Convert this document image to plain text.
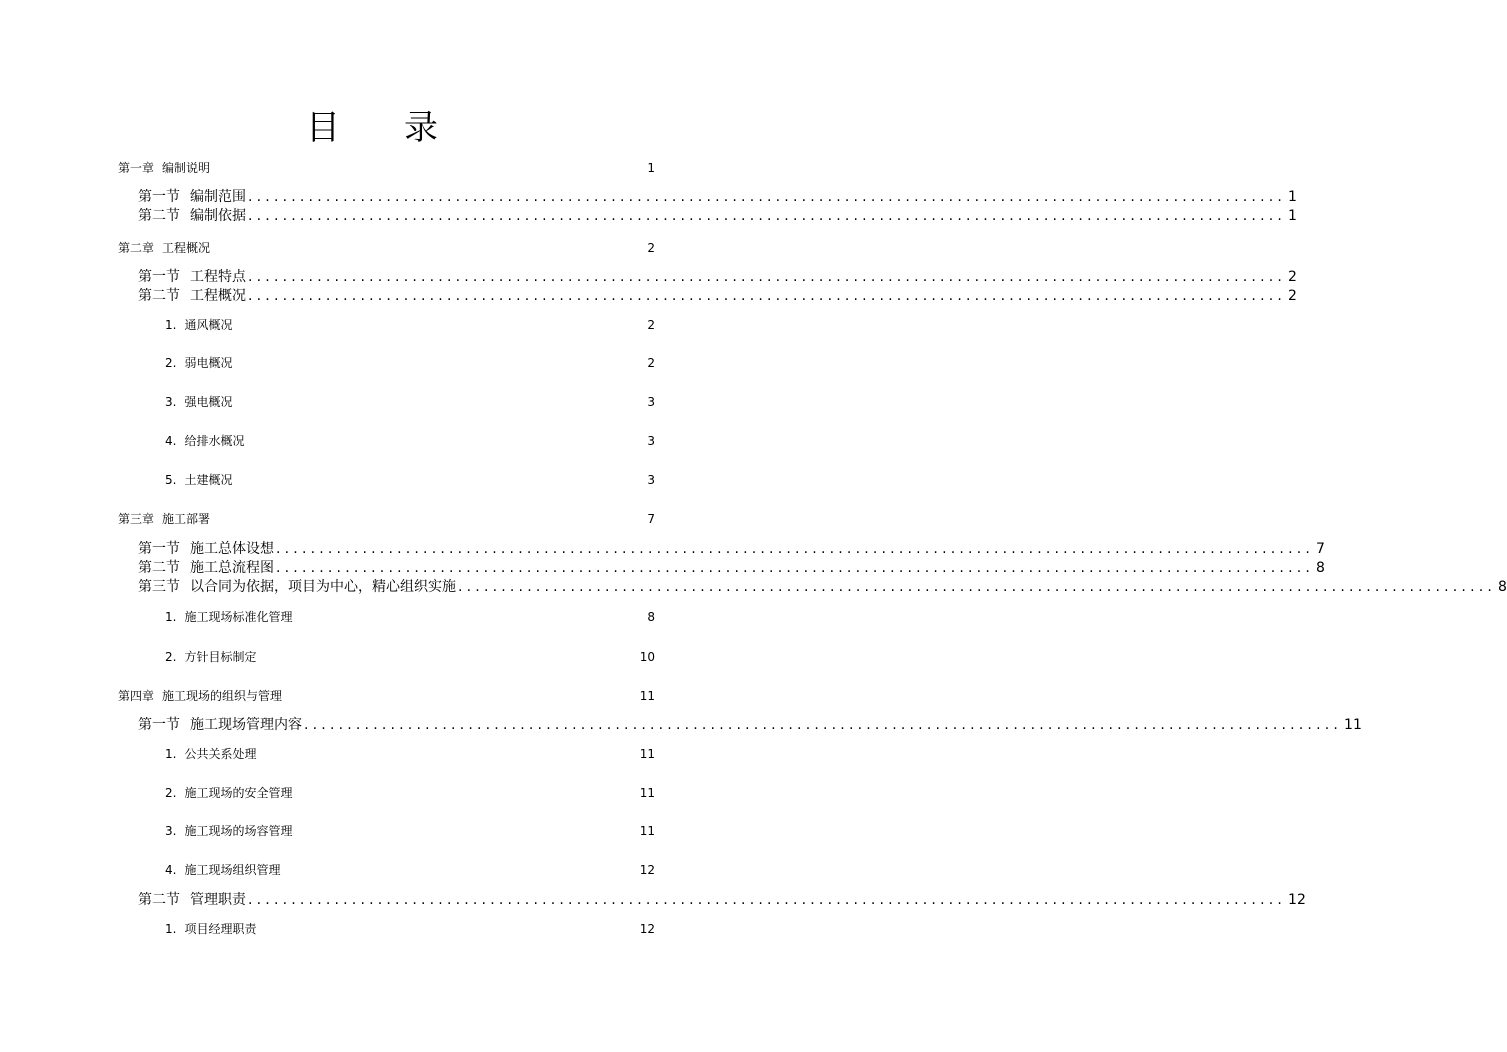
目 录
第一章 编制说明	1
第一节 编制范围 ........................................................................................................................ 1
第二节 编制依据 ........................................................................................................................ 1
第二章 工程概况	2
第一节 工程特点 ........................................................................................................................ 2
第二节 工程概况 ........................................................................................................................ 2
1. 通风概况	2
2. 弱电概况	2
3. 强电概况	3
4. 给排水概况	3
5. 土建概况	3
第三章 施工部署	7
第一节 施工总体设想 ........................................................................................................................ 7
第二节 施工总流程图 ........................................................................................................................ 8
第三节 以合同为依据，项目为中心，精心组织实施 ........................................................................................................................ 8
1. 施工现场标准化管理	8
2. 方针目标制定	10
第四章 施工现场的组织与管理	11
第一节 施工现场管理内容 ........................................................................................................................ 11
1. 公共关系处理	11
2. 施工现场的安全管理	11
3. 施工现场的场容管理	11
4. 施工现场组织管理	12
第二节 管理职责 ........................................................................................................................ 12
1. 项目经理职责	12
